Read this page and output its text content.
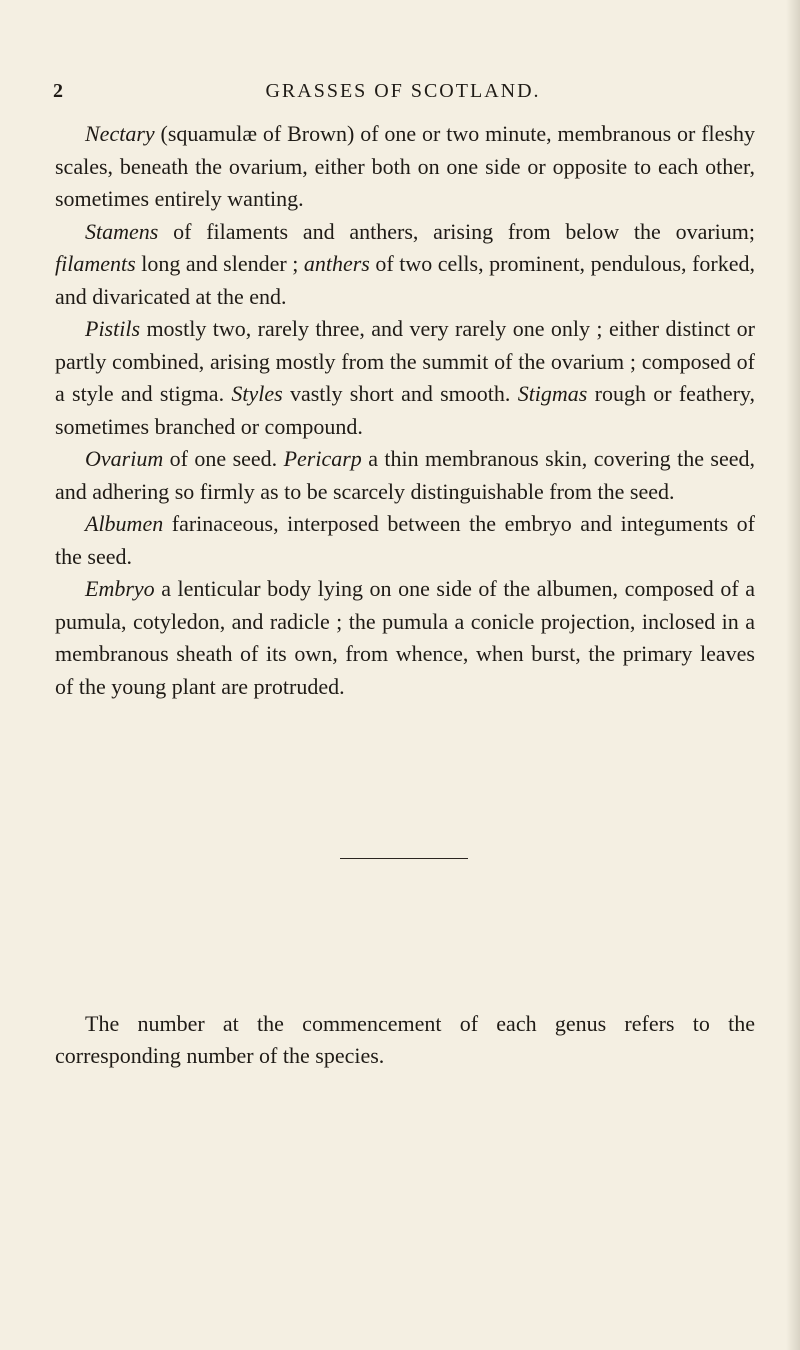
2	GRASSES OF SCOTLAND.

Nectary (squamulæ of Brown) of one or two minute, membranous or fleshy scales, beneath the ovarium, either both on one side or opposite to each other, sometimes entirely wanting.

Stamens of filaments and anthers, arising from below the ovarium; filaments long and slender ; anthers of two cells, prominent, pendulous, forked, and divaricated at the end.

Pistils mostly two, rarely three, and very rarely one only ; either distinct or partly combined, arising mostly from the summit of the ovarium ; composed of a style and stigma. Styles vastly short and smooth. Stigmas rough or feathery, sometimes branched or compound.

Ovarium of one seed. Pericarp a thin membranous skin, covering the seed, and adhering so firmly as to be scarcely distinguishable from the seed.

Albumen farinaceous, interposed between the embryo and integuments of the seed.

Embryo a lenticular body lying on one side of the albumen, composed of a pumula, cotyledon, and radicle ; the pumula a conicle projection, inclosed in a membranous sheath of its own, from whence, when burst, the primary leaves of the young plant are protruded.

The number at the commencement of each genus refers to the corresponding number of the species.
